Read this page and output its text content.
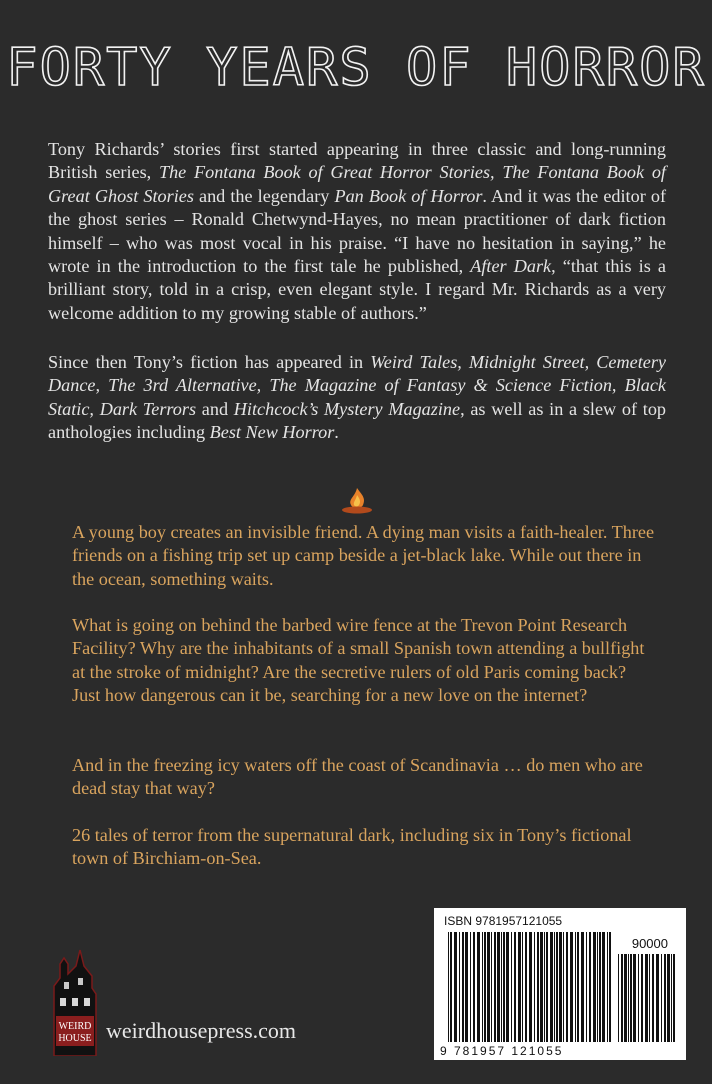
FORTY YEARS OF HORROR

Tony Richards’ stories first started appearing in three classic and long-running British series, The Fontana Book of Great Horror Stories, The Fontana Book of Great Ghost Stories and the legendary Pan Book of Horror. And it was the editor of the ghost series – Ronald Chetwynd-Hayes, no mean practitioner of dark fiction himself – who was most vocal in his praise. “I have no hesitation in saying,” he wrote in the introduction to the first tale he published, After Dark, “that this is a brilliant story, told in a crisp, even elegant style. I regard Mr. Richards as a very welcome addition to my growing stable of authors.”

Since then Tony’s fiction has appeared in Weird Tales, Midnight Street, Cemetery Dance, The 3rd Alternative, The Magazine of Fantasy & Science Fiction, Black Static, Dark Terrors and Hitchcock’s Mystery Magazine, as well as in a slew of top anthologies including Best New Horror.

A young boy creates an invisible friend. A dying man visits a faith-healer. Three friends on a fishing trip set up camp beside a jet-black lake. While out there in the ocean, something waits.

What is going on behind the barbed wire fence at the Trevon Point Research Facility? Why are the inhabitants of a small Spanish town attending a bullfight at the stroke of midnight? Are the secretive rulers of old Paris coming back? Just how dangerous can it be, searching for a new love on the internet?

And in the freezing icy waters off the coast of Scandinavia … do men who are dead stay that way?

26 tales of terror from the supernatural dark, including six in Tony’s fictional town of Birchiam-on-Sea.

WEIRD
HOUSE weirdhousepress.com
ISBN 9781957121055
90000
9 781957 121055
